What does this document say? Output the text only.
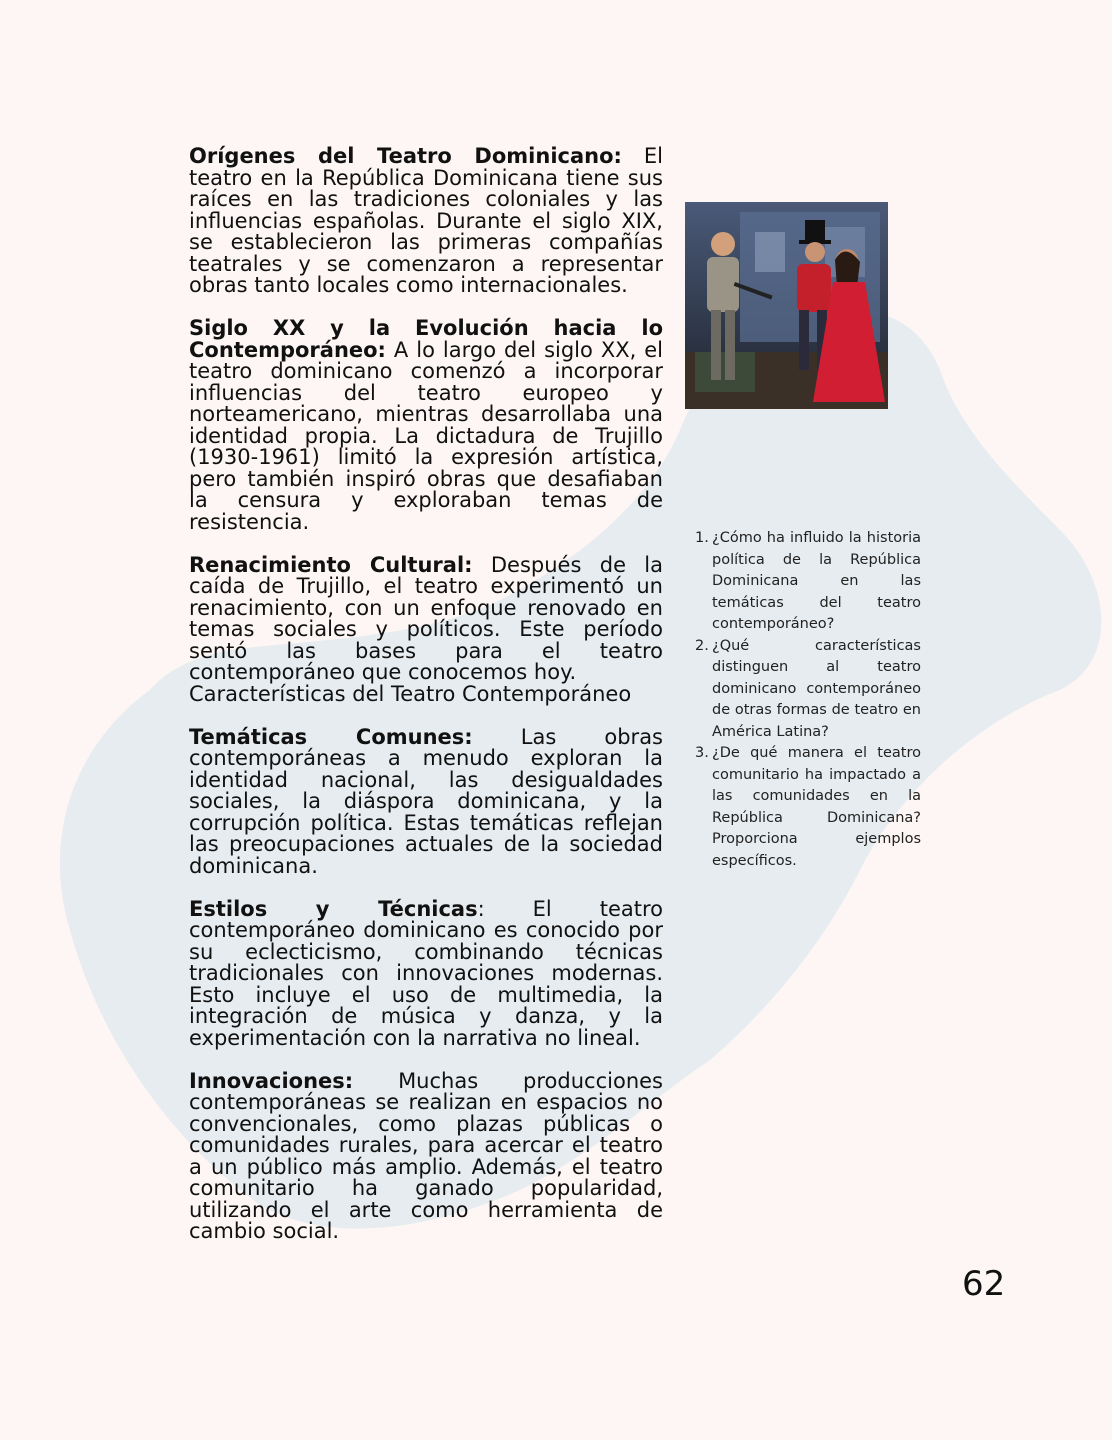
Orígenes del Teatro Dominicano: El teatro en la República Dominicana tiene sus raíces en las tradiciones coloniales y las influencias españolas. Durante el siglo XIX, se establecieron las primeras compañías teatrales y se comenzaron a representar obras tanto locales como internacionales.

Siglo XX y la Evolución hacia lo Contemporáneo: A lo largo del siglo XX, el teatro dominicano comenzó a incorporar influencias del teatro europeo y norteamericano, mientras desarrollaba una identidad propia. La dictadura de Trujillo (1930-1961) limitó la expresión artística, pero también inspiró obras que desafiaban la censura y exploraban temas de resistencia.

Renacimiento Cultural: Después de la caída de Trujillo, el teatro experimentó un renacimiento, con un enfoque renovado en temas sociales y políticos. Este período sentó las bases para el teatro contemporáneo que conocemos hoy.

Características del Teatro Contemporáneo

Temáticas Comunes: Las obras contemporáneas a menudo exploran la identidad nacional, las desigualdades sociales, la diáspora dominicana, y la corrupción política. Estas temáticas reflejan las preocupaciones actuales de la sociedad dominicana.

Estilos y Técnicas: El teatro contemporáneo dominicano es conocido por su eclecticismo, combinando técnicas tradicionales con innovaciones modernas. Esto incluye el uso de multimedia, la integración de música y danza, y la experimentación con la narrativa no lineal.

Innovaciones: Muchas producciones contemporáneas se realizan en espacios no convencionales, como plazas públicas o comunidades rurales, para acercar el teatro a un público más amplio. Además, el teatro comunitario ha ganado popularidad, utilizando el arte como herramienta de cambio social.

1. ¿Cómo ha influido la historia política de la República Dominicana en las temáticas del teatro contemporáneo?
2. ¿Qué características distinguen al teatro dominicano contemporáneo de otras formas de teatro en América Latina?
3. ¿De qué manera el teatro comunitario ha impactado a las comunidades en la República Dominicana? Proporciona ejemplos específicos.
62
